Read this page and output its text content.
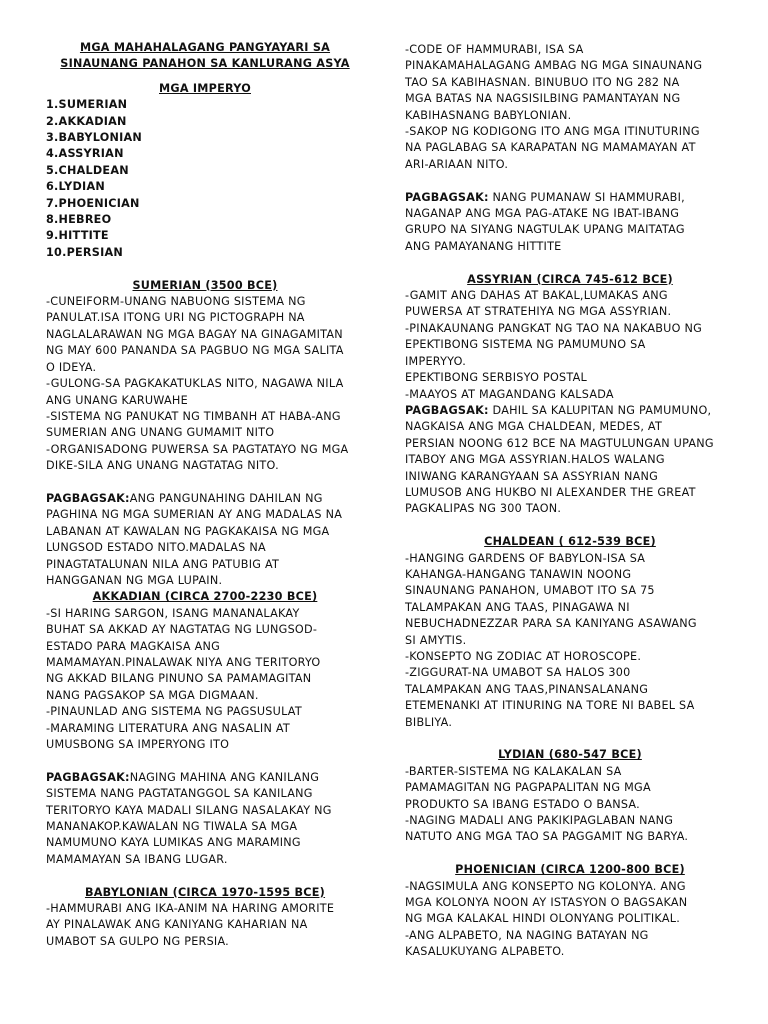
MGA MAHAHALAGANG PANGYAYARI SA
SINAUNANG PANAHON SA KANLURANG ASYA
MGA IMPERYO
1.SUMERIAN
2.AKKADIAN
3.BABYLONIAN
4.ASSYRIAN
5.CHALDEAN
6.LYDIAN
7.PHOENICIAN
8.HEBREO
9.HITTITE
10.PERSIAN
SUMERIAN (3500 BCE)
-CUNEIFORM-UNANG NABUONG SISTEMA NG
PANULAT.ISA ITONG URI NG PICTOGRAPH NA
NAGLALARAWAN NG MGA BAGAY NA GINAGAMITAN
NG MAY 600 PANANDA SA PAGBUO NG MGA SALITA
O IDEYA.
-GULONG-SA PAGKAKATUKLAS NITO, NAGAWA NILA
ANG UNANG KARUWAHE
-SISTEMA NG PANUKAT NG TIMBANH AT HABA-ANG
SUMERIAN ANG UNANG GUMAMIT NITO
-ORGANISADONG PUWERSA SA PAGTATAYO NG MGA
DIKE-SILA ANG UNANG NAGTATAG NITO.
PAGBAGSAK:ANG PANGUNAHING DAHILAN NG
PAGHINA NG MGA SUMERIAN AY ANG MADALAS NA
LABANAN AT KAWALAN NG PAGKAKAISA NG MGA
LUNGSOD ESTADO NITO.MADALAS NA
PINAGTATALUNAN NILA ANG PATUBIG AT
HANGGANAN NG MGA LUPAIN.
AKKADIAN (CIRCA 2700-2230 BCE)
-SI HARING SARGON, ISANG MANANALAKAY
BUHAT SA AKKAD AY NAGTATAG NG LUNGSOD-
ESTADO PARA MAGKAISA ANG
MAMAMAYAN.PINALAWAK NIYA ANG TERITORYO
NG AKKAD BILANG PINUNO SA PAMAMAGITAN
NANG PAGSAKOP SA MGA DIGMAAN.
-PINAUNLAD ANG SISTEMA NG PAGSUSULAT
-MARAMING LITERATURA ANG NASALIN AT
UMUSBONG SA IMPERYONG ITO
PAGBAGSAK:NAGING MAHINA ANG KANILANG
SISTEMA NANG PAGTATANGGOL SA KANILANG
TERITORYO KAYA MADALI SILANG NASALAKAY NG
MANANAKOP.KAWALAN NG TIWALA SA MGA
NAMUMUNO KAYA LUMIKAS ANG MARAMING
MAMAMAYAN SA IBANG LUGAR.
BABYLONIAN (CIRCA 1970-1595 BCE)
-HAMMURABI ANG IKA-ANIM NA HARING AMORITE
AY PINALAWAK ANG KANIYANG KAHARIAN NA
UMABOT SA GULPO NG PERSIA.
-CODE OF HAMMURABI, ISA SA
PINAKAMAHALAGANG AMBAG NG MGA SINAUNANG
TAO SA KABIHASNAN. BINUBUO ITO NG 282 NA
MGA BATAS NA NAGSISILBING PAMANTAYAN NG
KABIHASNANG BABYLONIAN.
-SAKOP NG KODIGONG ITO ANG MGA ITINUTURING
NA PAGLABAG SA KARAPATAN NG MAMAMAYAN AT
ARI-ARIAAN NITO.
PAGBAGSAK: NANG PUMANAW SI HAMMURABI,
NAGANAP ANG MGA PAG-ATAKE NG IBAT-IBANG
GRUPO NA SIYANG NAGTULAK UPANG MAITATAG
ANG PAMAYANANG HITTITE
ASSYRIAN (CIRCA 745-612 BCE)
-GAMIT ANG DAHAS AT BAKAL,LUMAKAS ANG
PUWERSA AT STRATEHIYA NG MGA ASSYRIAN.
-PINAKAUNANG PANGKAT NG TAO NA NAKABUO NG
EPEKTIBONG SISTEMA NG PAMUMUNO SA
IMPERYYO.
EPEKTIBONG SERBISYO POSTAL
-MAAYOS AT MAGANDANG KALSADA
PAGBAGSAK: DAHIL SA KALUPITAN NG PAMUMUNO,
NAGKAISA ANG MGA CHALDEAN, MEDES, AT
PERSIAN NOONG 612 BCE NA MAGTULUNGAN UPANG
ITABOY ANG MGA ASSYRIAN.HALOS WALANG
INIWANG KARANGYAAN SA ASSYRIAN NANG
LUMUSOB ANG HUKBO NI ALEXANDER THE GREAT
PAGKALIPAS NG 300 TAON.
CHALDEAN ( 612-539 BCE)
-HANGING GARDENS OF BABYLON-ISA SA
KAHANGA-HANGANG TANAWIN NOONG
SINAUNANG PANAHON, UMABOT ITO SA 75
TALAMPAKAN ANG TAAS, PINAGAWA NI
NEBUCHADNEZZAR PARA SA KANIYANG ASAWANG
SI AMYTIS.
-KONSEPTO NG ZODIAC AT HOROSCOPE.
-ZIGGURAT-NA UMABOT SA HALOS 300
TALAMPAKAN ANG TAAS,PINANSALANANG
ETEMENANKI AT ITINURING NA TORE NI BABEL SA
BIBLIYA.
LYDIAN (680-547 BCE)
-BARTER-SISTEMA NG KALAKALAN SA
PAMAMAGITAN NG PAGPAPALITAN NG MGA
PRODUKTO SA IBANG ESTADO O BANSA.
-NAGING MADALI ANG PAKIKIPAGLABAN NANG
NATUTO ANG MGA TAO SA PAGGAMIT NG BARYA.
PHOENICIAN (CIRCA 1200-800 BCE)
-NAGSIMULA ANG KONSEPTO NG KOLONYA. ANG
MGA KOLONYA NOON AY ISTASYON O BAGSAKAN
NG MGA KALAKAL HINDI OLONYANG POLITIKAL.
-ANG ALPABETO, NA NAGING BATAYAN NG
KASALUKUYANG ALPABETO.
